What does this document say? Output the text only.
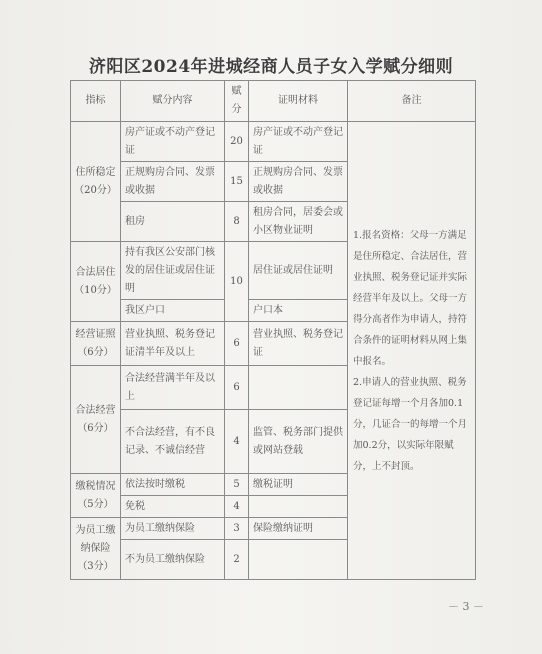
济阳区2024年进城经商人员子女入学赋分细则
指标	赋分内容	赋分	证明材料	备注
住所稳定（20分）	房产证或不动产登记证	20	房产证或不动产登记证	1.报名资格：父母一方满足是住所稳定、合法居住，营业执照、税务登记证并实际经营半年及以上。父母一方得分高者作为申请人，持符合条件的证明材料从网上集中报名。

2.申请人的营业执照、税务登记证每增一个月各加0.1分，几证合一的每增一个月加0.2分，以实际年限赋分，上不封顶。

	正规购房合同、发票或收据	15	正规购房合同、发票或收据	
	租房	8	租房合同，居委会或小区物业证明	
合法居住（10分）	持有我区公安部门核发的居住证或居住证明	10	居住证或居住证明	
	我区户口		户口本	
经营证照（6分）	营业执照、税务登记证清半年及以上	6	营业执照、税务登记证	
合法经营（6分）	合法经营满半年及以上	6		
	不合法经营，有不良记录、不诚信经营	4	监管、税务部门提供或网站登载	
缴税情况（5分）	依法按时缴税	5	缴税证明	
	免税	4		
为员工缴纳保险（3分）	为员工缴纳保险	3	保险缴纳证明	
	不为员工缴纳保险	2		
－ 3 －
